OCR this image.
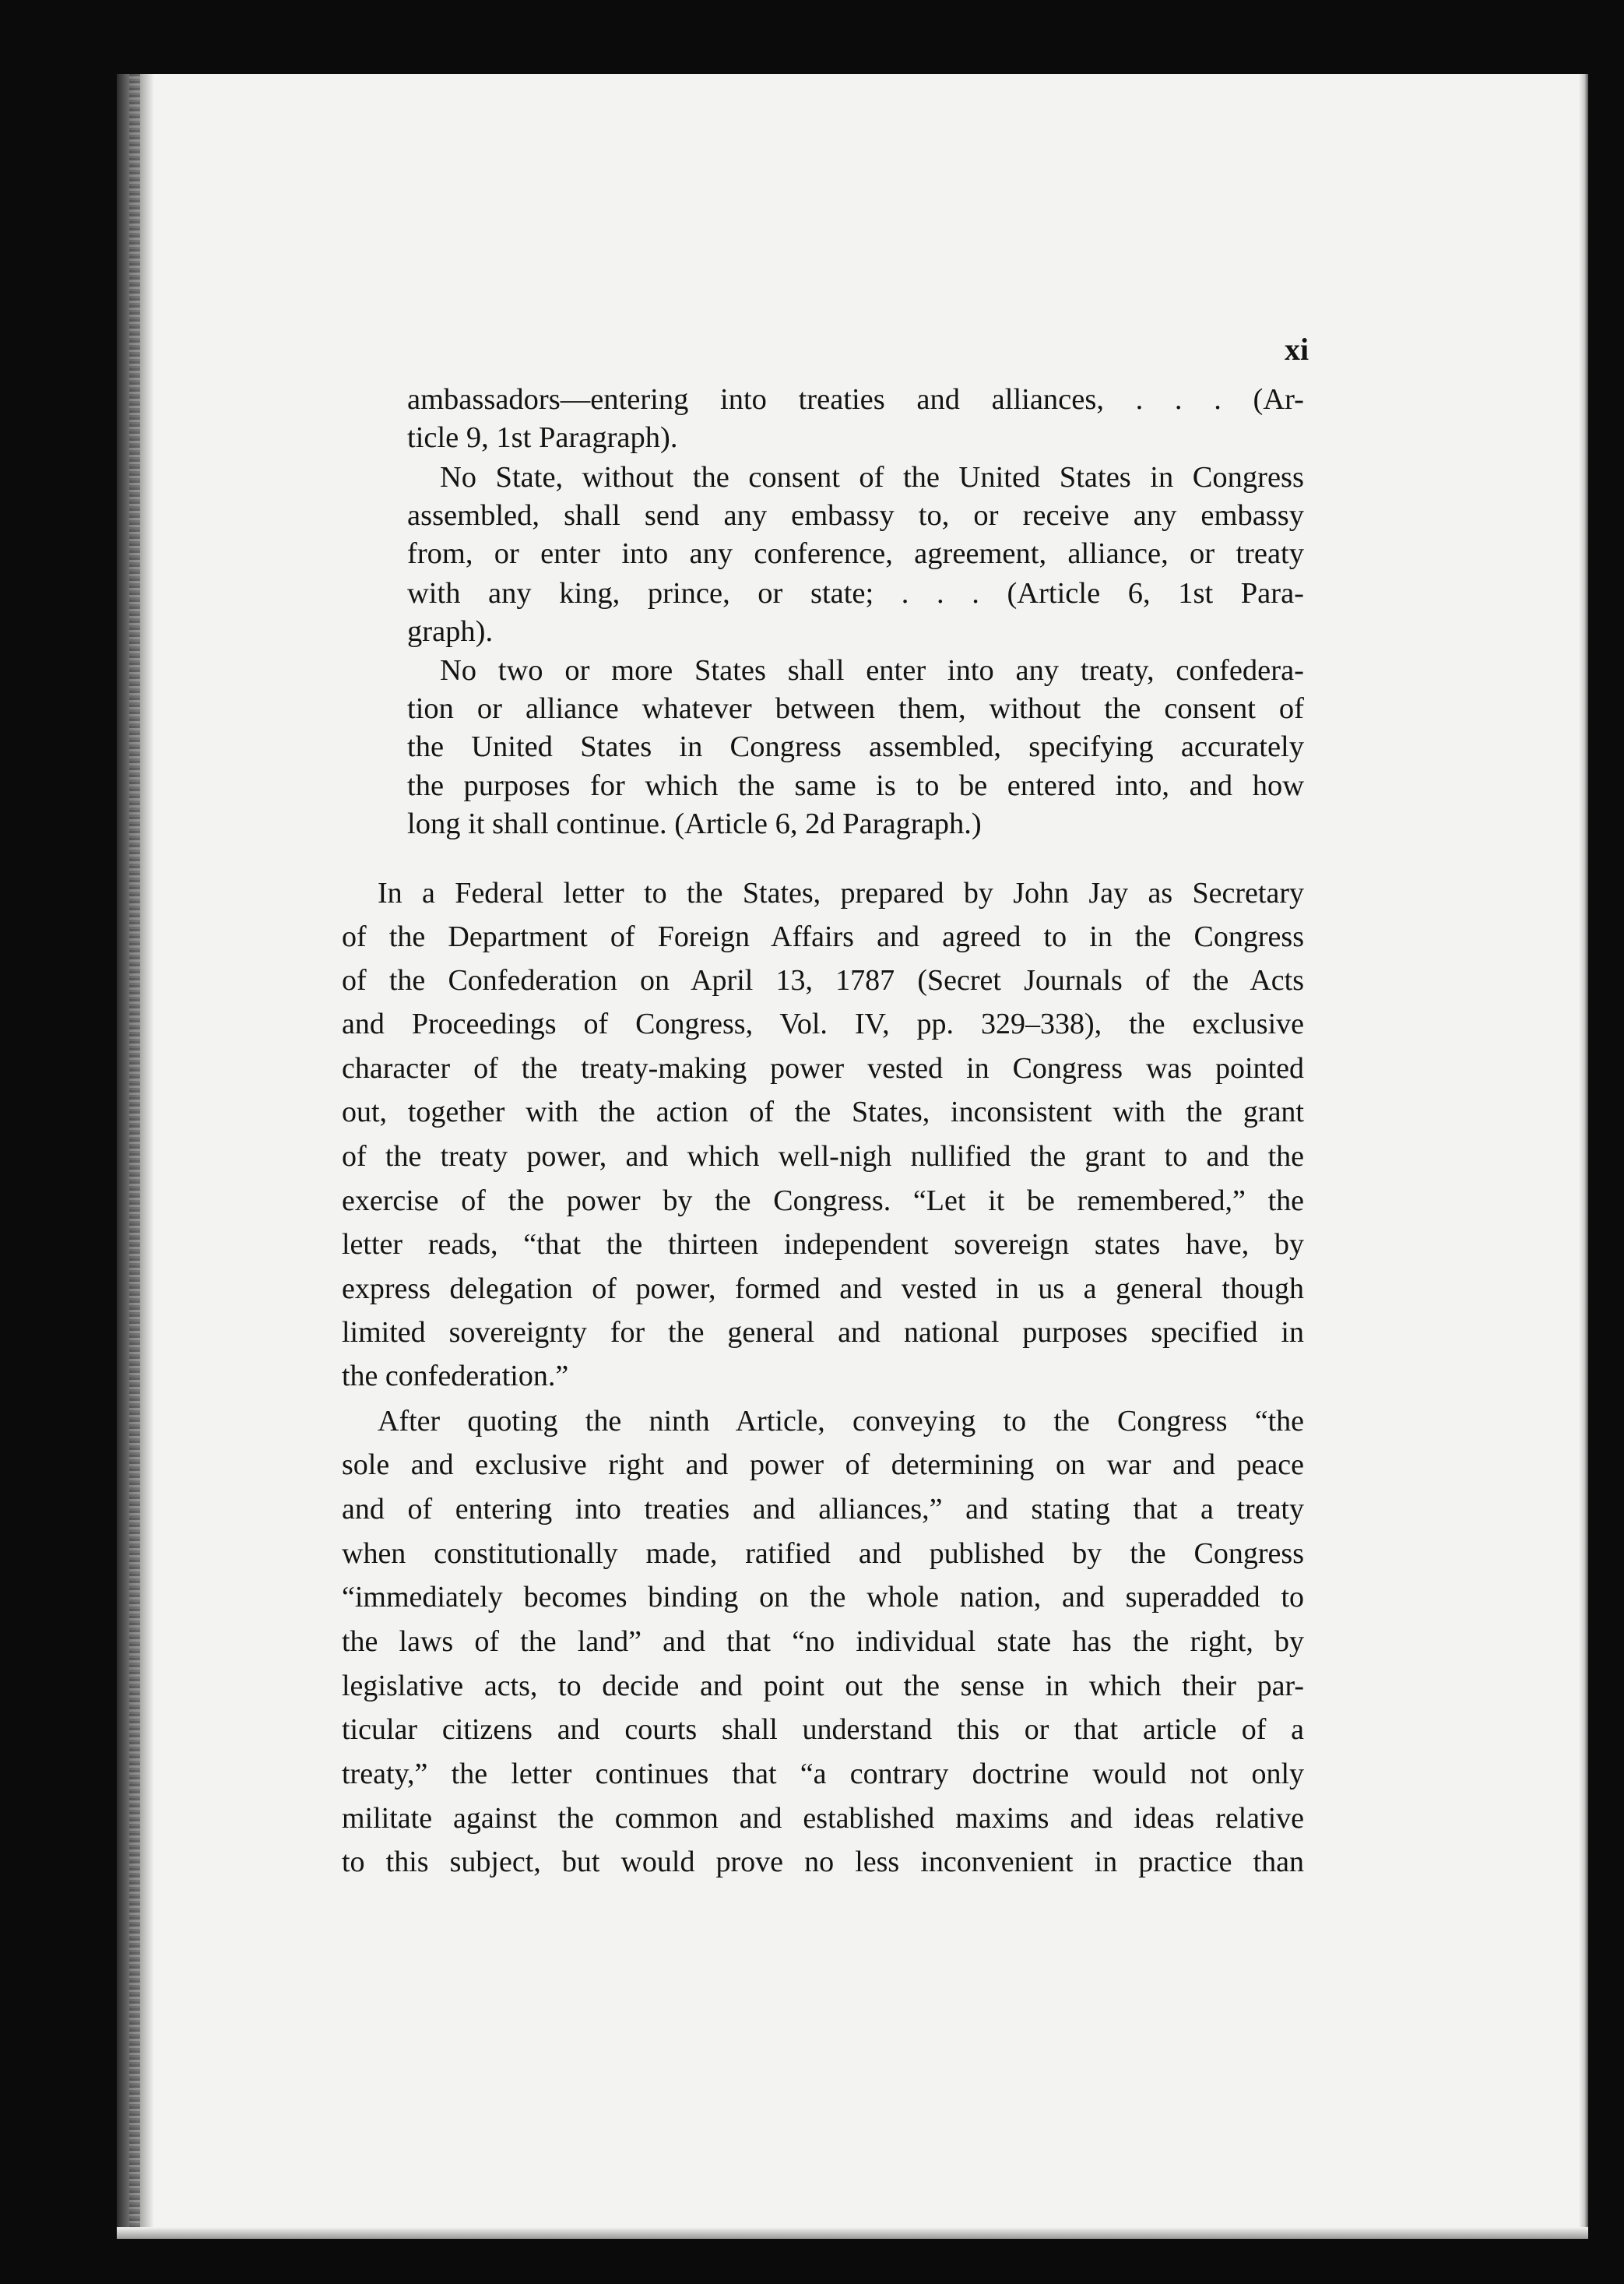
xi
ambassadors—entering into treaties and alliances, . . . (Ar-
ticle 9, 1st Paragraph).
No State, without the consent of the United States in Congress
assembled, shall send any embassy to, or receive any embassy
from, or enter into any conference, agreement, alliance, or treaty
with any king, prince, or state; . . . (Article 6, 1st Para-
graph).
No two or more States shall enter into any treaty, confedera-
tion or alliance whatever between them, without the consent of
the United States in Congress assembled, specifying accurately
the purposes for which the same is to be entered into, and how
long it shall continue. (Article 6, 2d Paragraph.)
In a Federal letter to the States, prepared by John Jay as Secretary
of the Department of Foreign Affairs and agreed to in the Congress
of the Confederation on April 13, 1787 (Secret Journals of the Acts
and Proceedings of Congress, Vol. IV, pp. 329–338), the exclusive
character of the treaty-making power vested in Congress was pointed
out, together with the action of the States, inconsistent with the grant
of the treaty power, and which well-nigh nullified the grant to and the
exercise of the power by the Congress. “Let it be remembered,” the
letter reads, “that the thirteen independent sovereign states have, by
express delegation of power, formed and vested in us a general though
limited sovereignty for the general and national purposes specified in
the confederation.”
After quoting the ninth Article, conveying to the Congress “the
sole and exclusive right and power of determining on war and peace
and of entering into treaties and alliances,” and stating that a treaty
when constitutionally made, ratified and published by the Congress
“immediately becomes binding on the whole nation, and superadded to
the laws of the land” and that “no individual state has the right, by
legislative acts, to decide and point out the sense in which their par-
ticular citizens and courts shall understand this or that article of a
treaty,” the letter continues that “a contrary doctrine would not only
militate against the common and established maxims and ideas relative
to this subject, but would prove no less inconvenient in practice than
